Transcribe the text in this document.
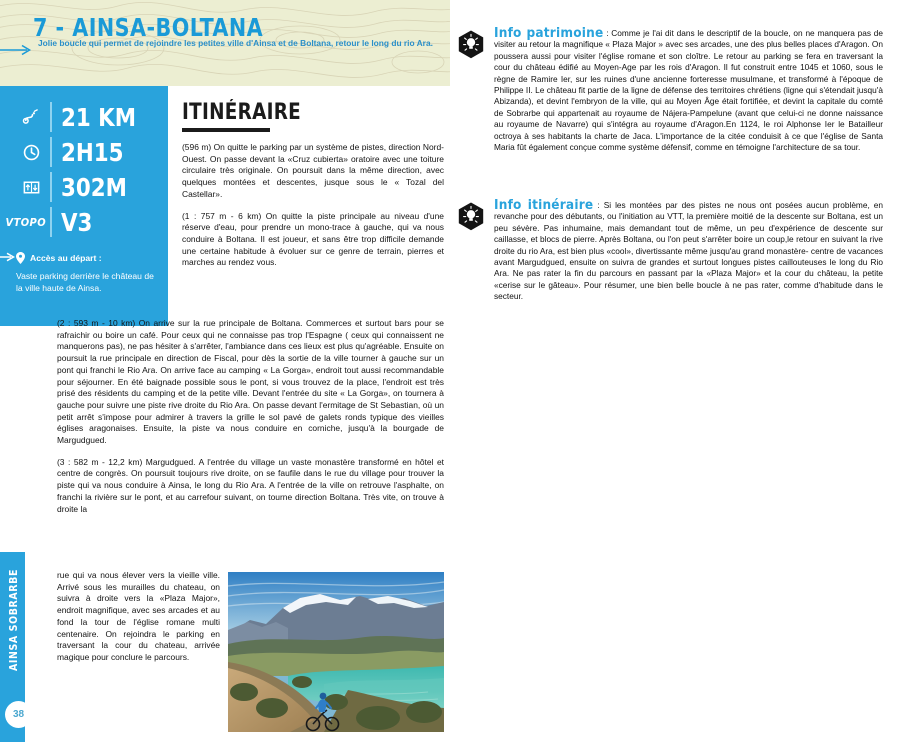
7 - AINSA-BOLTANA
Jolie boucle qui permet de rejoindre les petites ville d'Ainsa et de Boltana, retour le long du rio Ara.
21 KM
2H15
302M
VTOPO V3
Accès au départ :
Vaste parking derrière le château de la ville haute de Ainsa.
ITINÉRAIRE

(596 m) On quitte le parking par un système de pistes, direction Nord-Ouest. On passe devant la «Cruz cubierta» oratoire avec une toiture circulaire très originale. On poursuit dans la même direction, avec quelques montées et descentes, jusque sous le « Tozal del Castellar».

(1 : 757 m - 6 km) On quitte la piste principale au niveau d'une réserve d'eau, pour prendre un mono-trace à gauche, qui va nous conduire à Boltana. Il est joueur, et sans être trop difficile demande une certaine habitude à évoluer sur ce genre de terrain, pierres et marches au rendez vous.

(2 : 593 m - 10 km) On arrive sur la rue principale de Boltana. Commerces et surtout bars pour se rafraichir ou boire un café. Pour ceux qui ne connaisse pas trop l'Espagne ( ceux qui connaissent ne manquerons pas), ne pas hésiter à s'arrêter, l'ambiance dans ces lieux est plus qu'agréable. Ensuite on poursuit la rue principale en direction de Fiscal, pour dès la sortie de la ville tourner à gauche sur un pont qui franchi le Rio Ara. On arrive face au camping « La Gorga», endroit tout aussi recommandable pour séjourner. En été baignade possible sous le pont, si vous trouvez de la place, l'endroit est très prisé des résidents du camping et de la petite ville. Devant l'entrée du site « La Gorga», on tournera à gauche pour suivre une piste rive droite du Rio Ara. On passe devant l'ermitage de St Sebastian, où un petit arrêt s'impose pour admirer à travers la grille le sol pavé de galets ronds typique des vieilles églises aragonaises. Ensuite, la piste va nous conduire en corniche, jusqu'à la bourgade de Margudgued.

(3 : 582 m - 12,2 km) Margudgued. A l'entrée du village un vaste monastère transformé en hôtel et centre de congrès. On poursuit toujours rive droite, on se faufile dans le rue du village pour trouver la piste qui va nous conduire à Ainsa, le long du Rio Ara. A l'entrée de la ville on retrouve l'asphalte, on franchi la rivière sur le pont, et au carrefour suivant, on tourne direction Boltana. Très vite, on trouve à droite la

rue qui va nous élever vers la vieille ville. Arrivé sous les murailles du chateau, on suivra à droite vers la «Plaza Major», endroit magnifique, avec ses arcades et au fond la tour de l'église romane multi centenaire. On rejoindra le parking en traversant la cour du chateau, arrivée magique pour conclure le parcours.

AINSA SOBRARBE
38
Info patrimoine : Comme je l'ai dit dans le descriptif de la boucle, on ne manquera pas de visiter au retour la magnifique « Plaza Major » avec ses arcades, une des plus belles places d'Aragon. On poussera aussi pour visiter l'église romane et son cloître. Le retour au parking se fera en traversant la cour du château édifié au Moyen-Age par les rois d'Aragon. Il fut construit entre 1045 et 1060, sous le règne de Ramire Ier, sur les ruines d'une ancienne forteresse musulmane, et transformé à l'époque de Philippe II. Le château fit partie de la ligne de défense des territoires chrétiens (ligne qui s'étendait jusqu'à Abizanda), et devint l'embryon de la ville, qui au Moyen Âge était fortifiée, et devint la capitale du comté de Sobrarbe qui appartenait au royaume de Nájera-Pampelune (avant que celui-ci ne donne naissance au royaume de Navarre) qui s'intégra au royaume d'Aragon.En 1124, le roi Alphonse Ier le Batailleur octroya à ses habitants la charte de Jaca. L'importance de la citée conduisit à ce que l'église de Santa Maria fût également conçue comme système défensif, comme en témoigne l'architecture de sa tour.
Info itinéraire : Si les montées par des pistes ne nous ont posées aucun problème, en revanche pour des débutants, ou l'initiation au VTT, la première moitié de la descente sur Boltana, est un peu sévère. Pas inhumaine, mais demandant tout de même, un peu d'expérience de descente sur caillasse, et blocs de pierre. Après Boltana, ou l'on peut s'arrêter boire un coup,le retour en suivant la rive droite du rio Ara, est bien plus «cool», divertissante même jusqu'au grand monastère- centre de vacances avant Margudgued, ensuite on suivra de grandes et surtout longues pistes caillouteuses le long du Rio Ara. Ne pas rater la fin du parcours en passant par la «Plaza Major» et la cour du château, la petite «cerise sur le gâteau». Pour résumer, une bien belle boucle à ne pas rater, comme d'habitude dans le secteur.
